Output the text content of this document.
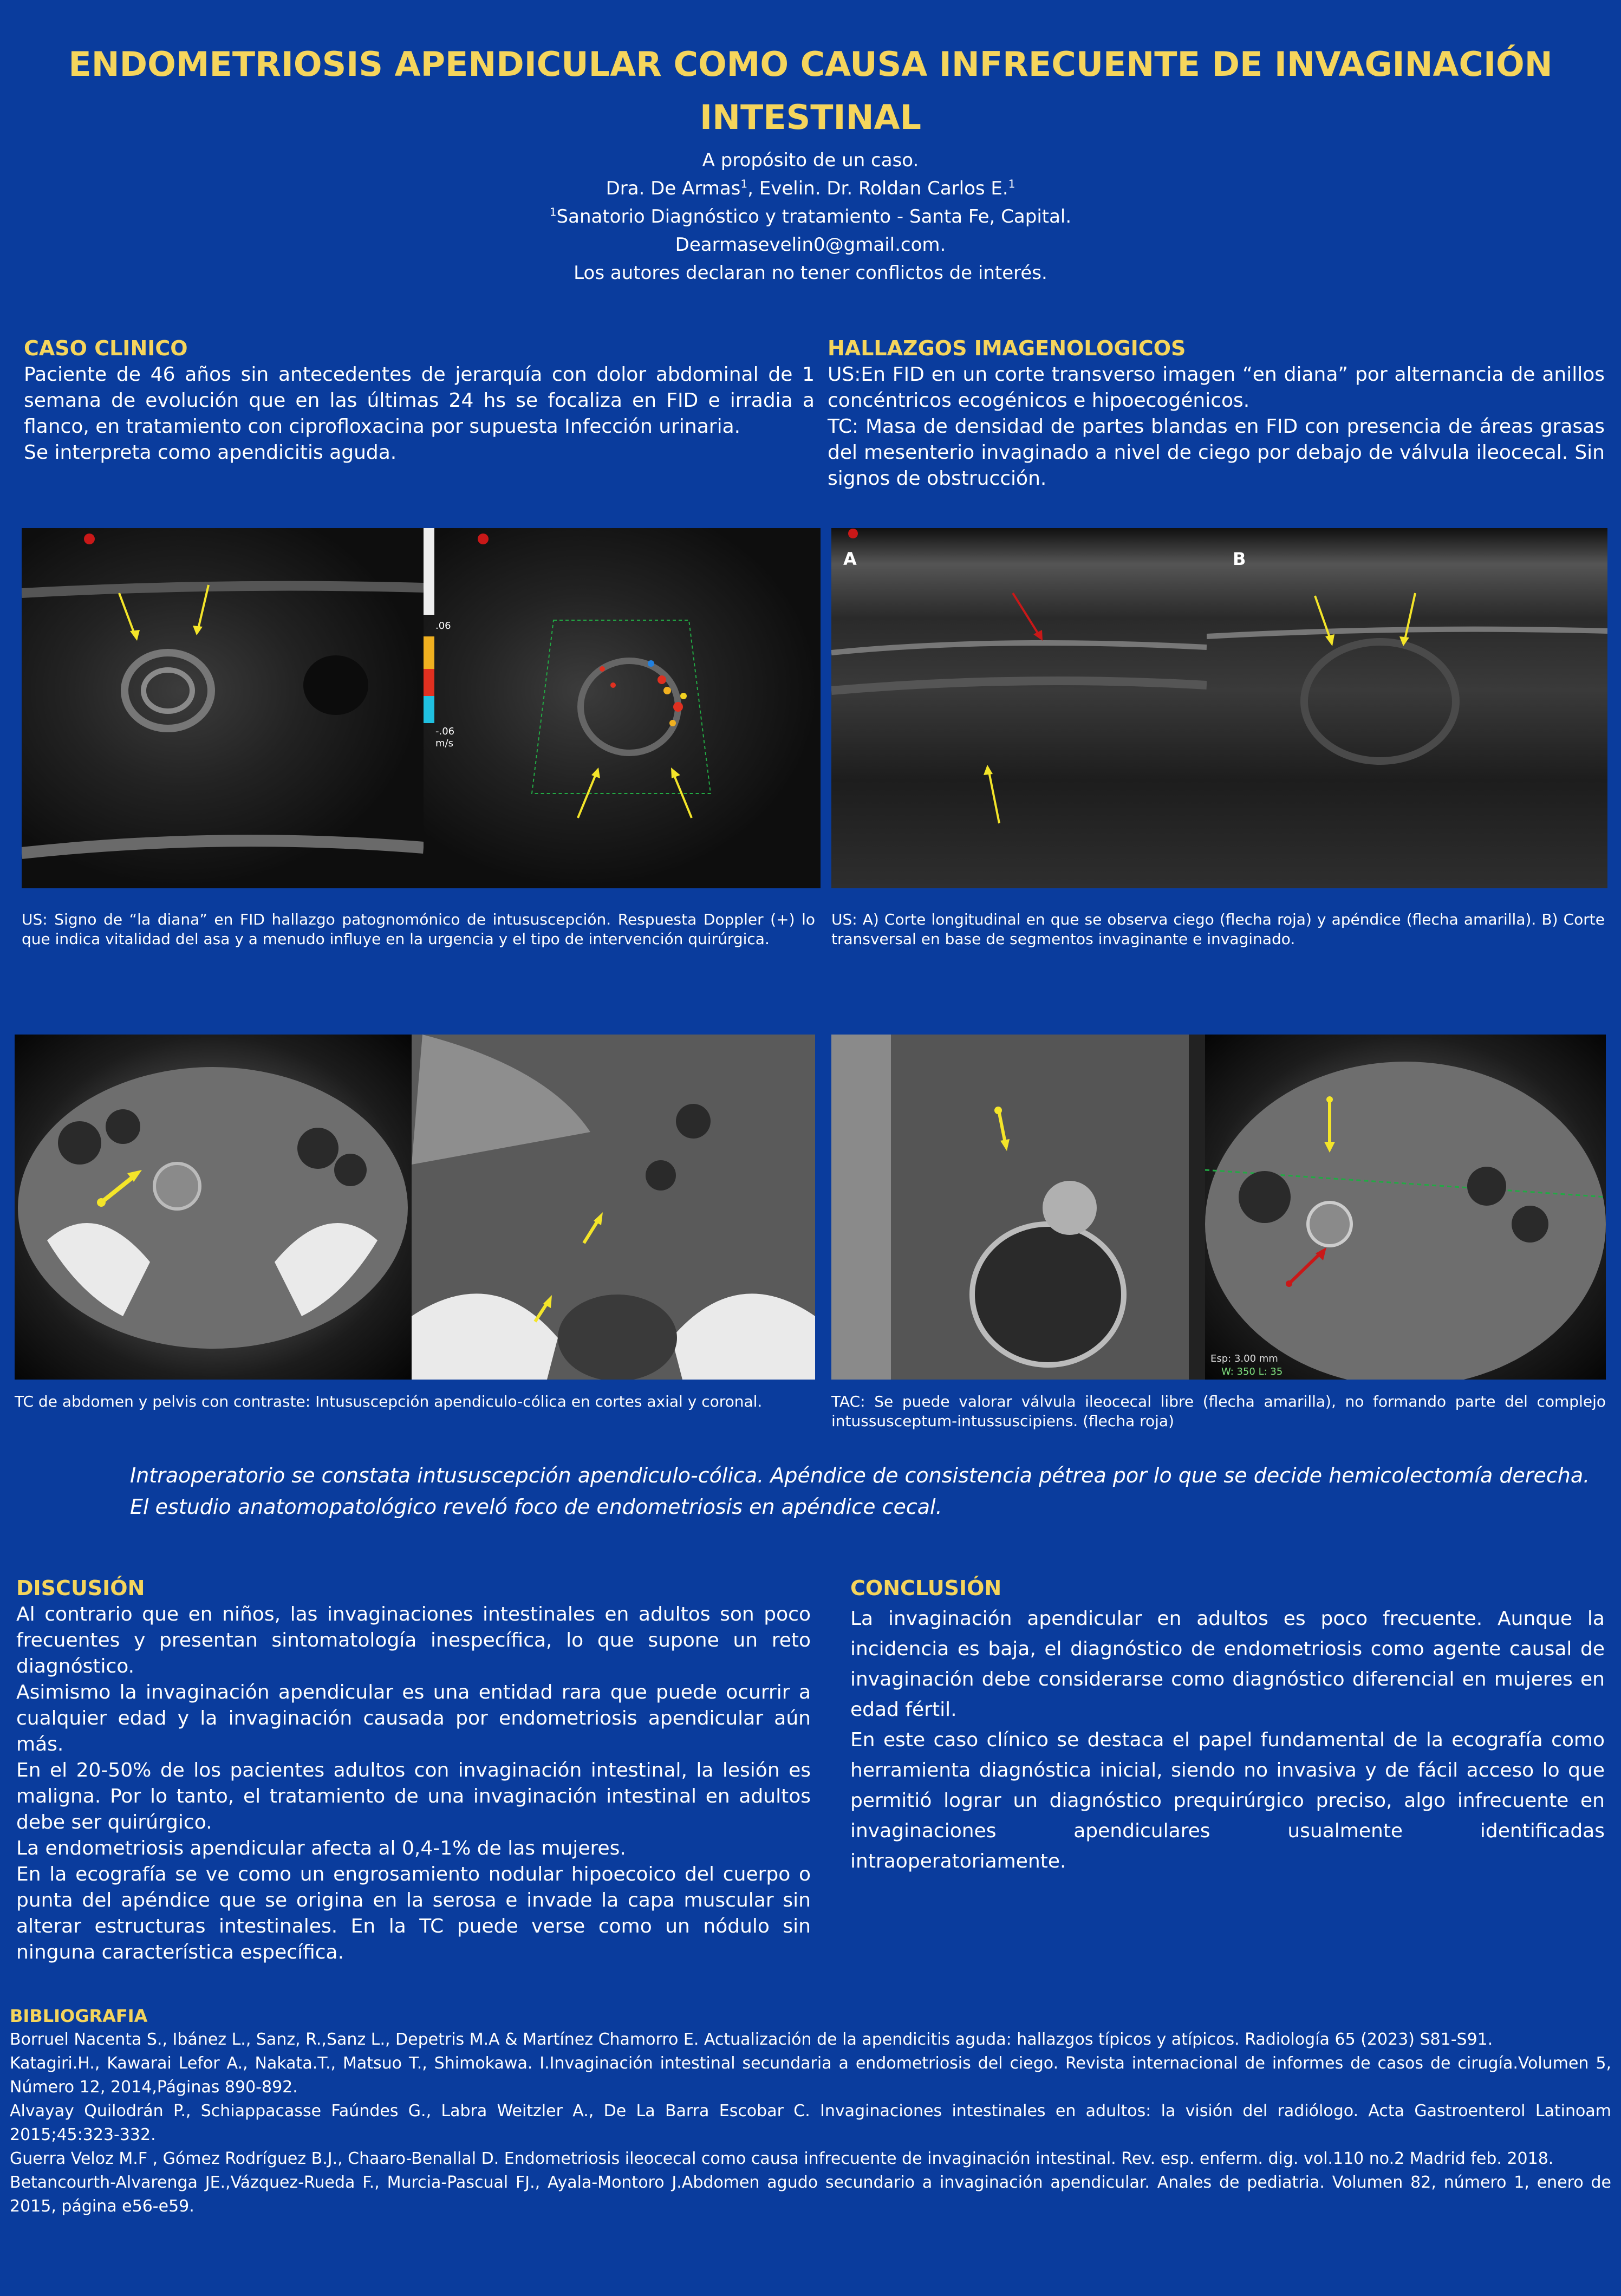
ENDOMETRIOSIS APENDICULAR COMO CAUSA INFRECUENTE DE INVAGINACIÓN
INTESTINAL
A propósito de un caso.
Dra. De Armas$^1$, Evelin. Dr. Roldan Carlos E.$^1$
$^1$Sanatorio Diagnóstico y tratamiento - Santa Fe, Capital.
Dearmasevelin0@gmail.com.
Los autores declaran no tener conflictos de interés.
CASO CLINICO

Paciente de 46 años sin antecedentes de jerarquía con dolor abdominal de 1 semana de evolución que en las últimas 24 hs se focaliza en FID e irradia a flanco, en tratamiento con ciprofloxacina por supuesta Infección urinaria.

Se interpreta como apendicitis aguda.

HALLAZGOS IMAGENOLOGICOS

US:En FID en un corte transverso imagen “en diana” por alternancia de anillos concéntricos ecogénicos e hipoecogénicos.

TC: Masa de densidad de partes blandas en FID con presencia de áreas grasas del mesenterio invaginado a nivel de ciego por debajo de válvula ileocecal. Sin signos de obstrucción.

.06
-.06
m/s
A	B
US: Signo de “la diana” en FID hallazgo patognomónico de intususcepción. Respuesta Doppler (+) lo que indica vitalidad del asa y a menudo influye en la urgencia y el tipo de intervención quirúrgica.
US: A) Corte longitudinal en que se observa ciego (flecha roja) y apéndice (flecha amarilla). B) Corte transversal en base de segmentos invaginante e invaginado.
Esp: 3.00 mm
W: 350 L: 35
TC de abdomen y pelvis con contraste: Intususcepción apendiculo-cólica en cortes axial y coronal.	TAC: Se puede valorar válvula ileocecal libre (flecha amarilla), no formando parte del complejo intussusceptum-intussuscipiens. (flecha roja)
Intraoperatorio se constata intususcepción apendiculo-cólica. Apéndice de consistencia pétrea por lo que se decide hemicolectomía derecha.
El estudio anatomopatológico reveló foco de endometriosis en apéndice cecal.
DISCUSIÓN

Al contrario que en niños, las invaginaciones intestinales en adultos son poco frecuentes y presentan sintomatología inespecífica, lo que supone un reto diagnóstico.

Asimismo la invaginación apendicular es una entidad rara que puede ocurrir a cualquier edad y la invaginación causada por endometriosis apendicular aún más.

En el 20-50% de los pacientes adultos con invaginación intestinal, la lesión es maligna. Por lo tanto, el tratamiento de una invaginación intestinal en adultos debe ser quirúrgico.

La endometriosis apendicular afecta al 0,4-1% de las mujeres.

En la ecografía se ve como un engrosamiento nodular hipoecoico del cuerpo o punta del apéndice que se origina en la serosa e invade la capa muscular sin alterar estructuras intestinales. En la TC puede verse como un nódulo sin ninguna característica específica.

CONCLUSIÓN

La invaginación apendicular en adultos es poco frecuente. Aunque la incidencia es baja, el diagnóstico de endometriosis como agente causal de invaginación debe considerarse como diagnóstico diferencial en mujeres en edad fértil.

En este caso clínico se destaca el papel fundamental de la ecografía como herramienta diagnóstica inicial, siendo no invasiva y de fácil acceso lo que permitió lograr un diagnóstico prequirúrgico preciso, algo infrecuente en invaginaciones apendiculares usualmente identificadas intraoperatoriamente.

BIBLIOGRAFIA

Borruel Nacenta S., Ibánez L., Sanz, R.,Sanz L., Depetris M.A & Martínez Chamorro E. Actualización de la apendicitis aguda: hallazgos típicos y atípicos. Radiología 65 (2023) S81-S91.

Katagiri.H., Kawarai Lefor A., Nakata.T., Matsuo T., Shimokawa. I.Invaginación intestinal secundaria a endometriosis del ciego. Revista internacional de informes de casos de cirugía.Volumen 5, Número 12, 2014,Páginas 890-892.

Alvayay Quilodrán P., Schiappacasse Faúndes G., Labra Weitzler A., De La Barra Escobar C. Invaginaciones intestinales en adultos: la visión del radiólogo. Acta Gastroenterol Latinoam 2015;45:323-332.

Guerra Veloz M.F , Gómez Rodríguez B.J., Chaaro-Benallal D. Endometriosis ileocecal como causa infrecuente de invaginación intestinal. Rev. esp. enferm. dig. vol.110 no.2 Madrid feb. 2018.

Betancourth-Alvarenga JE.,Vázquez-Rueda F., Murcia-Pascual FJ., Ayala-Montoro J.Abdomen agudo secundario a invaginación apendicular. Anales de pediatria. Volumen 82, número 1, enero de 2015, página e56-e59.
